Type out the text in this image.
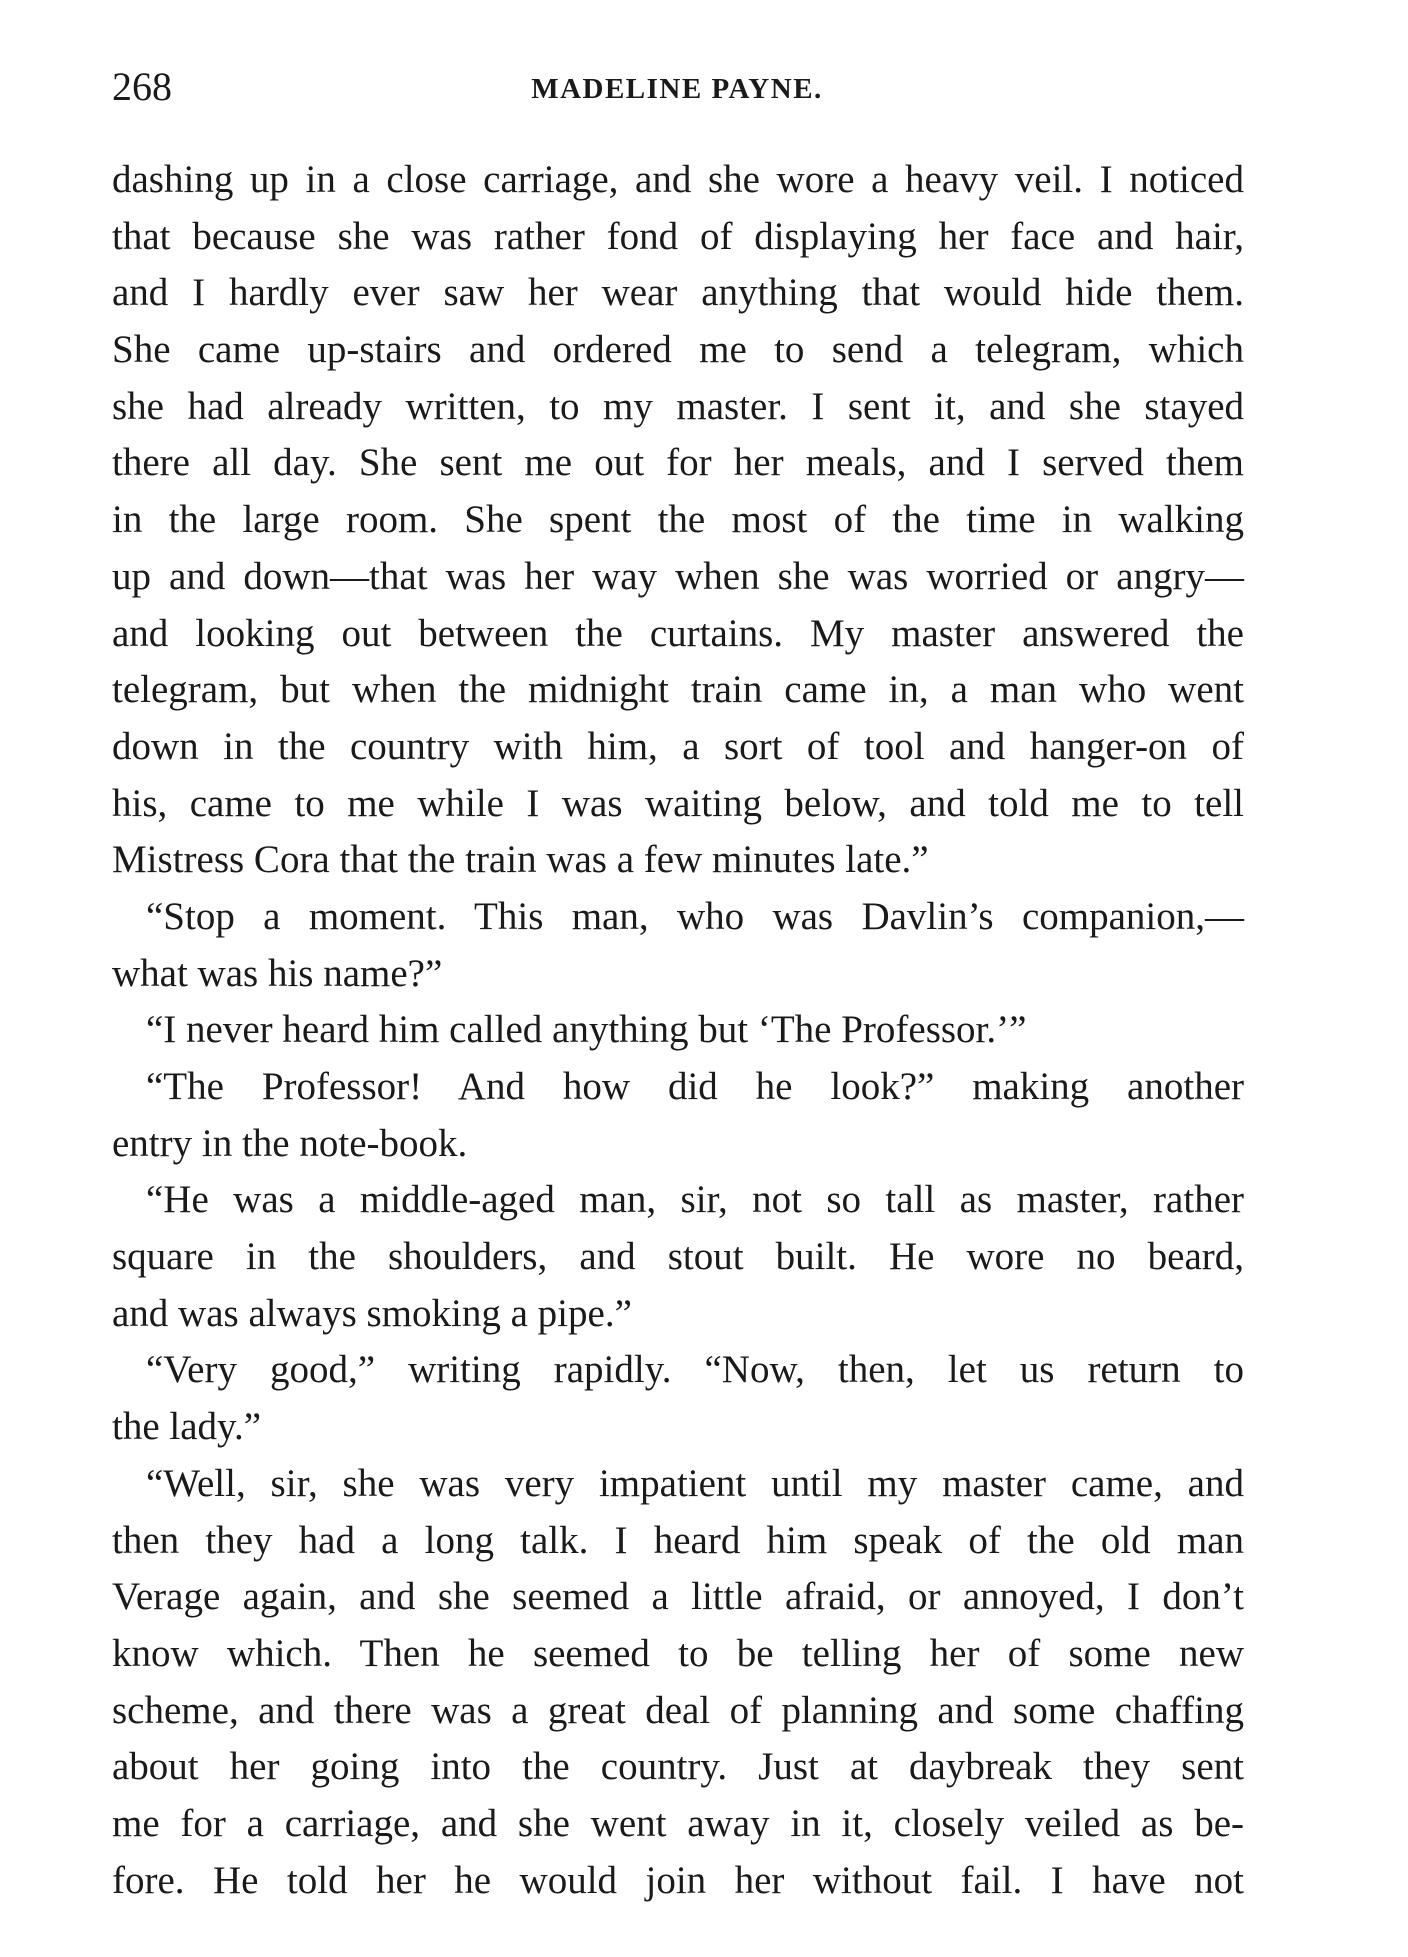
268	MADELINE PAYNE.
dashing up in a close carriage, and she wore a heavy veil. I noticed
that because she was rather fond of displaying her face and hair,
and I hardly ever saw her wear anything that would hide them.
She came up-stairs and ordered me to send a telegram, which
she had already written, to my master. I sent it, and she stayed
there all day. She sent me out for her meals, and I served them
in the large room. She spent the most of the time in walking
up and down—that was her way when she was worried or angry—
and looking out between the curtains. My master answered the
telegram, but when the midnight train came in, a man who went
down in the country with him, a sort of tool and hanger-on of
his, came to me while I was waiting below, and told me to tell
Mistress Cora that the train was a few minutes late.”
“Stop a moment. This man, who was Davlin’s companion,—
what was his name?”
“I never heard him called anything but ‘The Professor.’”
“The Professor! And how did he look?” making another
entry in the note-book.
“He was a middle-aged man, sir, not so tall as master, rather
square in the shoulders, and stout built. He wore no beard,
and was always smoking a pipe.”
“Very good,” writing rapidly. “Now, then, let us return to
the lady.”
“Well, sir, she was very impatient until my master came, and
then they had a long talk. I heard him speak of the old man
Verage again, and she seemed a little afraid, or annoyed, I don’t
know which. Then he seemed to be telling her of some new
scheme, and there was a great deal of planning and some chaffing
about her going into the country. Just at daybreak they sent
me for a carriage, and she went away in it, closely veiled as be-
fore. He told her he would join her without fail. I have not
